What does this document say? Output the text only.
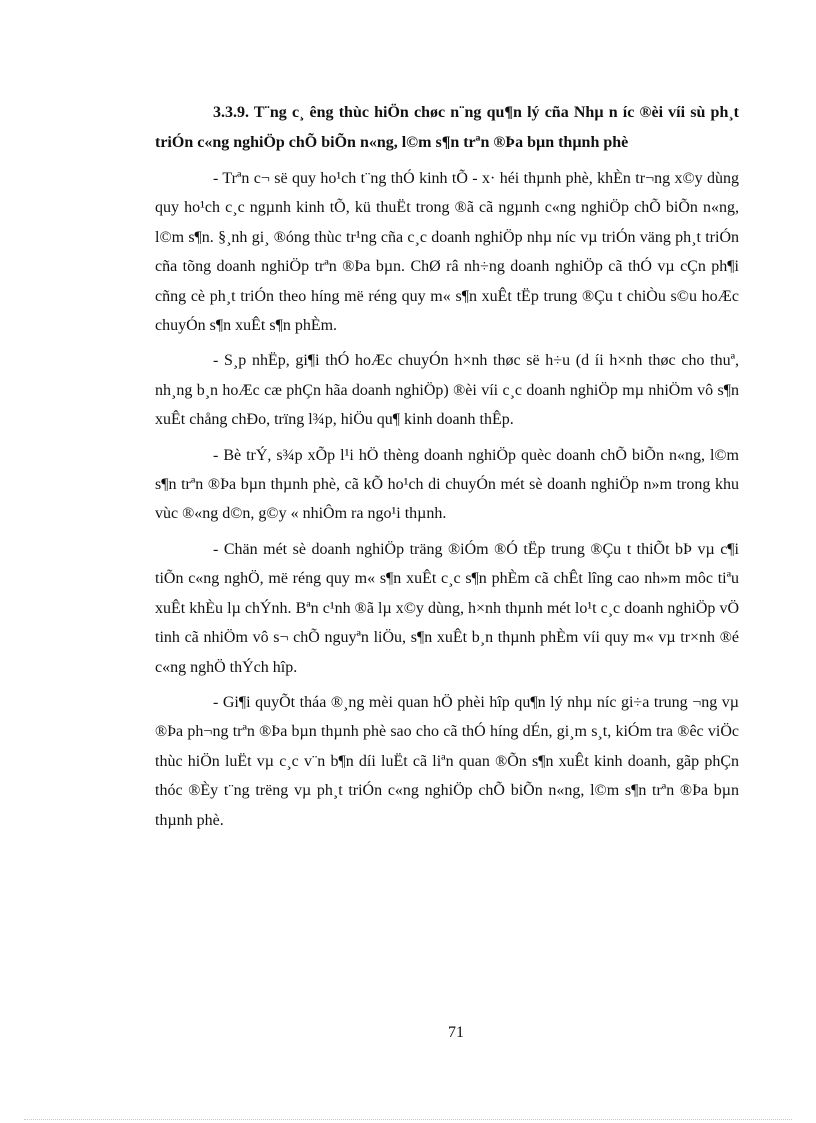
3.3.9. T¨ng c¸ êng thùc hiÖn chøc n¨ng qu¶n lý cña Nhµ n íc ®èi víi sù ph¸t triÓn c«ng nghiÖp chÕ biÕn n«ng, l©m s¶n trªn ®Þa bµn thµnh phè

- Trªn c¬ së quy ho¹ch t¨ng thÓ kinh tÕ - x· héi thµnh phè, khÈn tr¬ng x©y dùng quy ho¹ch c¸c ngµnh kinh tÕ, kü thuËt trong ®ã cã ngµnh c«ng nghiÖp chÕ biÕn n«ng, l©m s¶n. §¸nh gi¸ ®óng thùc tr¹ng cña c¸c doanh nghiÖp nhµ níc vµ triÓn väng ph¸t triÓn cña tõng doanh nghiÖp trªn ®Þa bµn. ChØ râ nh÷ng doanh nghiÖp cã thÓ vµ cÇn ph¶i cñng cè ph¸t triÓn theo híng më réng quy m« s¶n xuÊt tËp trung ®Çu t chiÒu s©u hoÆc chuyÓn s¶n xuÊt s¶n phÈm.

- S¸p nhËp, gi¶i thÓ hoÆc chuyÓn h×nh thøc së h÷u (d íi h×nh thøc cho thuª, nh¸ng b¸n hoÆc cæ phÇn hãa doanh nghiÖp) ®èi víi c¸c doanh nghiÖp mµ nhiÖm vô s¶n xuÊt chång chÐo, trïng l¾p, hiÖu qu¶ kinh doanh thÊp.

- Bè trÝ, s¾p xÕp l¹i hÖ thèng doanh nghiÖp quèc doanh chÕ biÕn n«ng, l©m s¶n trªn ®Þa bµn thµnh phè, cã kÕ ho¹ch di chuyÓn mét sè doanh nghiÖp n»m trong khu vùc ®«ng d©n, g©y « nhiÔm ra ngo¹i thµnh.

- Chän mét sè doanh nghiÖp träng ®iÓm ®Ó tËp trung ®Çu t thiÕt bÞ vµ c¶i tiÕn c«ng nghÖ, më réng quy m« s¶n xuÊt c¸c s¶n phÈm cã chÊt lîng cao nh»m môc tiªu xuÊt khÈu lµ chÝnh. Bªn c¹nh ®ã lµ x©y dùng, h×nh thµnh mét lo¹t c¸c doanh nghiÖp vÖ tinh cã nhiÖm vô s¬ chÕ nguyªn liÖu, s¶n xuÊt b¸n thµnh phÈm víi quy m« vµ tr×nh ®é c«ng nghÖ thÝch hîp.

- Gi¶i quyÕt tháa ®¸ng mèi quan hÖ phèi hîp qu¶n lý nhµ níc gi÷a trung ¬ng vµ ®Þa ph¬ng trªn ®Þa bµn thµnh phè sao cho cã thÓ híng dÉn, gi¸m s¸t, kiÓm tra ®êc viÖc thùc hiÖn luËt vµ c¸c v¨n b¶n díi luËt cã liªn quan ®Õn s¶n xuÊt kinh doanh, gãp phÇn thóc ®Èy t¨ng trëng vµ ph¸t triÓn c«ng nghiÖp chÕ biÕn n«ng, l©m s¶n trªn ®Þa bµn thµnh phè.

71
